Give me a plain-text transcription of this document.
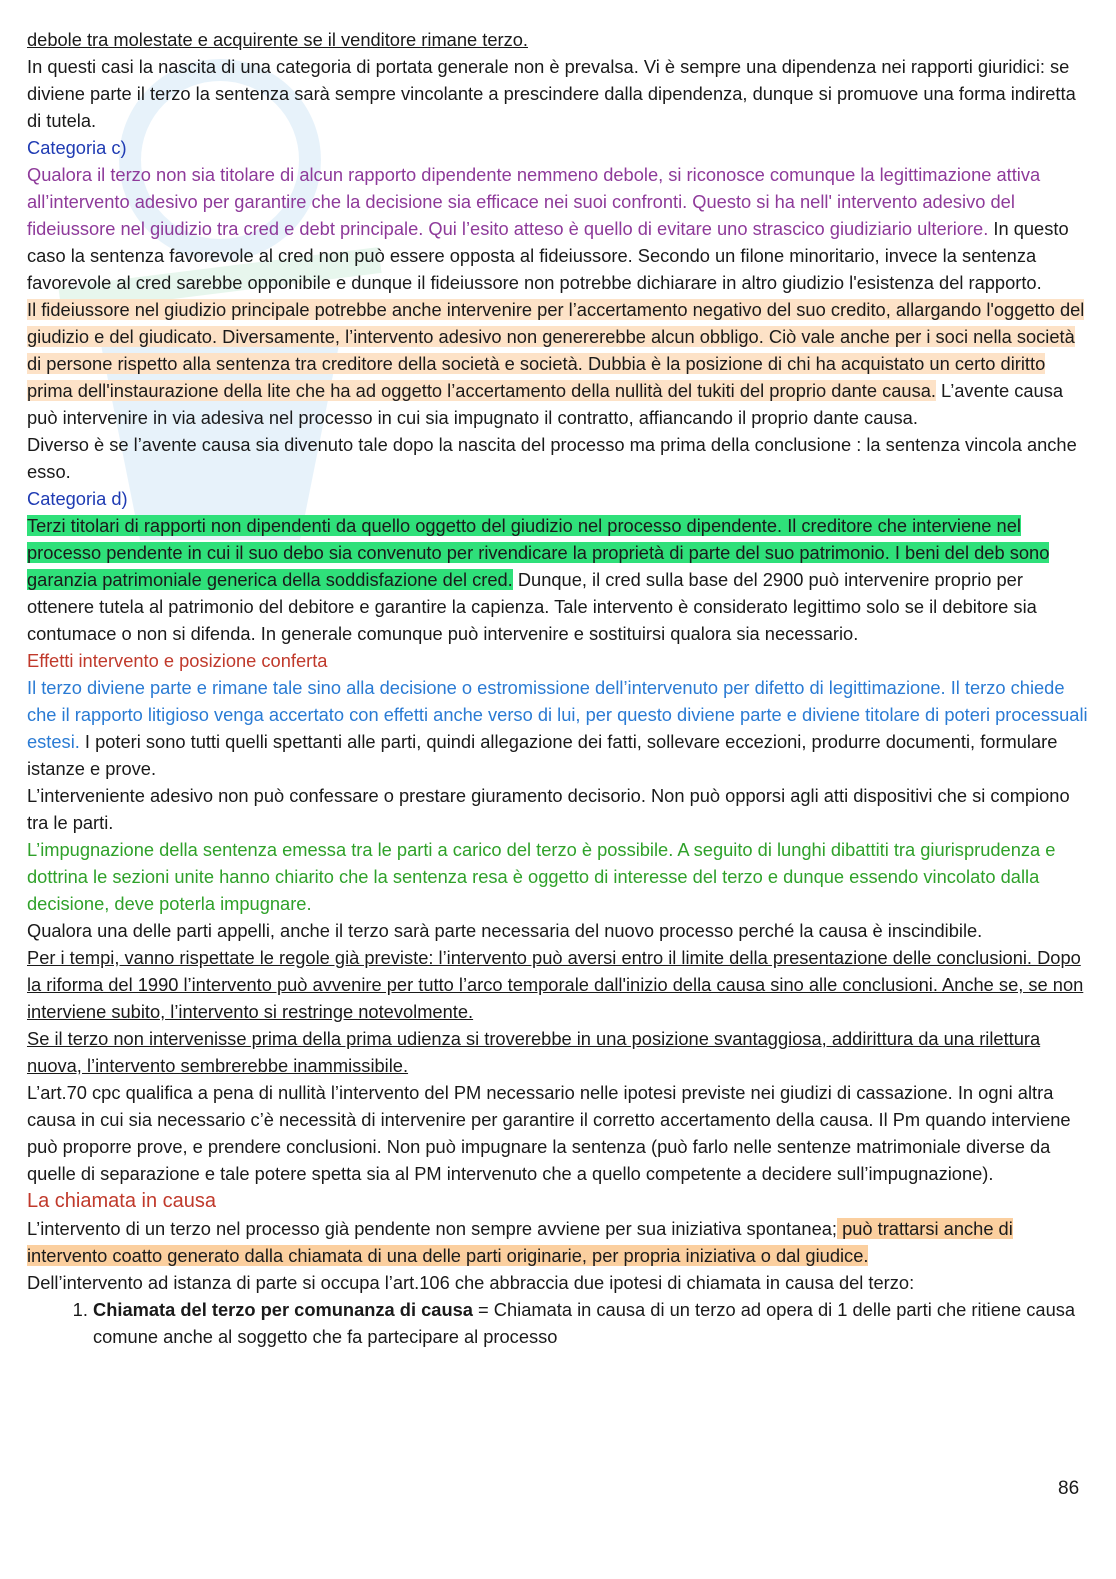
debole tra molestate e acquirente se il venditore rimane terzo.

In questi casi la nascita di una categoria di portata generale non è prevalsa. Vi è sempre una dipendenza nei rapporti giuridici: se diviene parte il terzo la sentenza sarà sempre vincolante a prescindere dalla dipendenza, dunque si promuove una forma indiretta di tutela.

Categoria c)

Qualora il terzo non sia titolare di alcun rapporto dipendente nemmeno debole, si riconosce comunque la legittimazione attiva all’intervento adesivo per garantire che la decisione sia efficace nei suoi confronti. Questo si ha nell' intervento adesivo del fideiussore nel giudizio tra cred e debt principale. Qui l’esito atteso è quello di evitare uno strascico giudiziario ulteriore. In questo caso la sentenza favorevole al cred non può essere opposta al fideiussore. Secondo un filone minoritario, invece la sentenza favorevole al cred sarebbe opponibile e dunque il fideiussore non potrebbe dichiarare in altro giudizio l'esistenza del rapporto.

Il fideiussore nel giudizio principale potrebbe anche intervenire per l’accertamento negativo del suo credito, allargando l'oggetto del giudizio e del giudicato. Diversamente, l’intervento adesivo non genererebbe alcun obbligo. Ciò vale anche per i soci nella società di persone rispetto alla sentenza tra creditore della società e società. Dubbia è la posizione di chi ha acquistato un certo diritto prima dell'instaurazione della lite che ha ad oggetto l’accertamento della nullità del tukiti del proprio dante causa. L’avente causa può intervenire in via adesiva nel processo in cui sia impugnato il contratto, affiancando il proprio dante causa.

Diverso è se l’avente causa sia divenuto tale dopo la nascita del processo ma prima della conclusione : la sentenza vincola anche esso.

Categoria d)

Terzi titolari di rapporti non dipendenti da quello oggetto del giudizio nel processo dipendente. Il creditore che interviene nel processo pendente in cui il suo debo sia convenuto per rivendicare la proprietà di parte del suo patrimonio. I beni del deb sono garanzia patrimoniale generica della soddisfazione del cred. Dunque, il cred sulla base del 2900 può intervenire proprio per ottenere tutela al patrimonio del debitore e garantire la capienza. Tale intervento è considerato legittimo solo se il debitore sia contumace o non si difenda. In generale comunque può intervenire e sostituirsi qualora sia necessario.

Effetti intervento e posizione conferta

Il terzo diviene parte e rimane tale sino alla decisione o estromissione dell’intervenuto per difetto di legittimazione. Il terzo chiede che il rapporto litigioso venga accertato con effetti anche verso di lui, per questo diviene parte e diviene titolare di poteri processuali estesi. I poteri sono tutti quelli spettanti alle parti, quindi allegazione dei fatti, sollevare eccezioni, produrre documenti, formulare istanze e prove.

L’interveniente adesivo non può confessare o prestare giuramento decisorio. Non può opporsi agli atti dispositivi che si compiono tra le parti.

L’impugnazione della sentenza emessa tra le parti a carico del terzo è possibile. A seguito di lunghi dibattiti tra giurisprudenza e dottrina le sezioni unite hanno chiarito che la sentenza resa è oggetto di interesse del terzo e dunque essendo vincolato dalla decisione, deve poterla impugnare.

Qualora una delle parti appelli, anche il terzo sarà parte necessaria del nuovo processo perché la causa è inscindibile.

Per i tempi, vanno rispettate le regole già previste: l’intervento può aversi entro il limite della presentazione delle conclusioni. Dopo la riforma del 1990 l’intervento può avvenire per tutto l’arco temporale dall'inizio della causa sino alle conclusioni. Anche se, se non interviene subito, l’intervento si restringe notevolmente.

Se il terzo non intervenisse prima della prima udienza si troverebbe in una posizione svantaggiosa, addirittura da una rilettura nuova, l’intervento sembrerebbe inammissibile.

L’art.70 cpc qualifica a pena di nullità l’intervento del PM necessario nelle ipotesi previste nei giudizi di cassazione. In ogni altra causa in cui sia necessario c’è necessità di intervenire per garantire il corretto accertamento della causa. Il Pm quando interviene può proporre prove, e prendere conclusioni. Non può impugnare la sentenza (può farlo nelle sentenze matrimoniale diverse da quelle di separazione e tale potere spetta sia al PM intervenuto che a quello competente a decidere sull’impugnazione).

La chiamata in causa

L’intervento di un terzo nel processo già pendente non sempre avviene per sua iniziativa spontanea; può trattarsi anche di intervento coatto generato dalla chiamata di una delle parti originarie, per propria iniziativa o dal giudice.

Dell’intervento ad istanza di parte si occupa l’art.106 che abbraccia due ipotesi di chiamata in causa del terzo:

1. Chiamata del terzo per comunanza di causa = Chiamata in causa di un terzo ad opera di 1 delle parti che ritiene causa comune anche al soggetto che fa partecipare al processo
86
